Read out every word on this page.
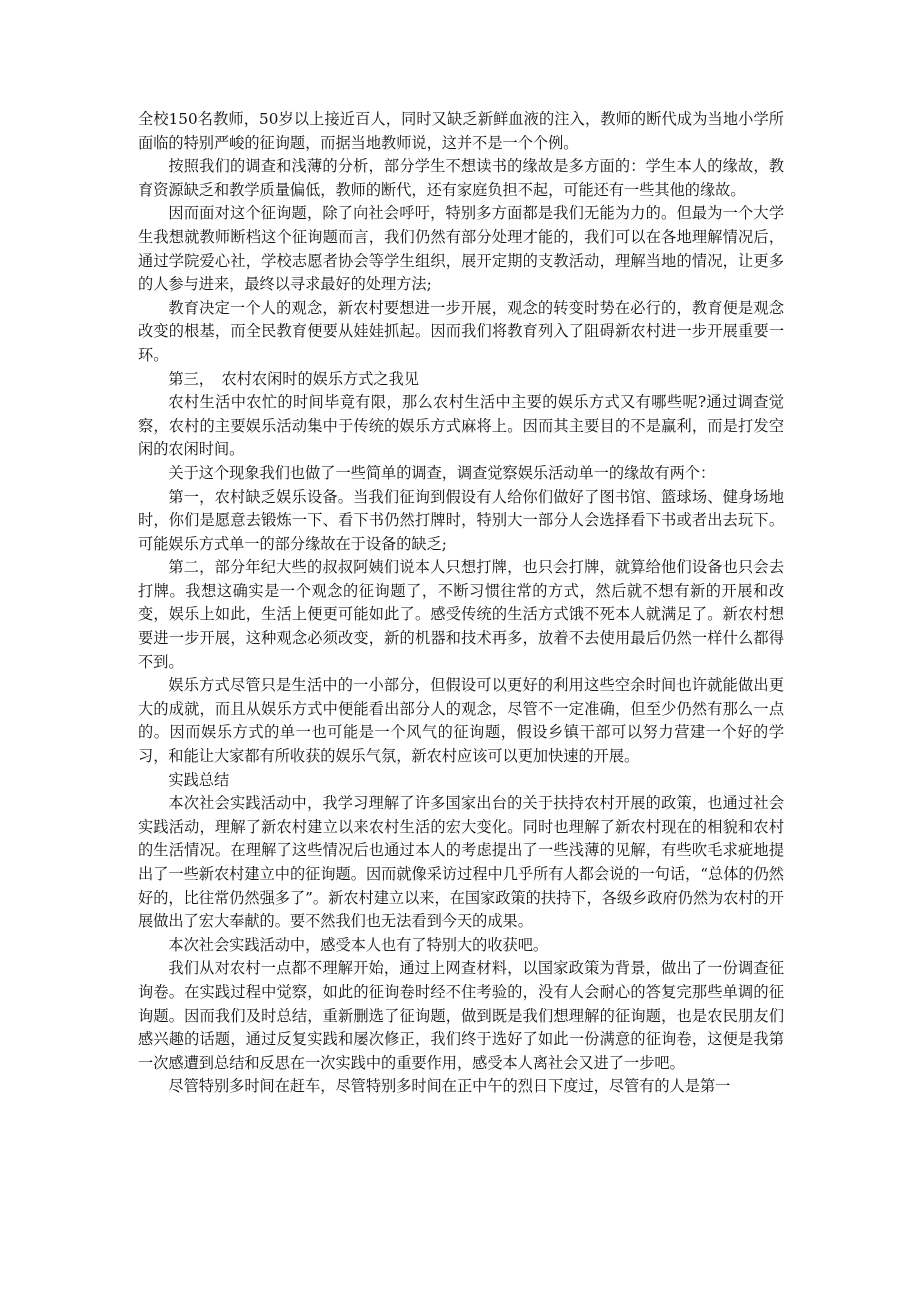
全校150名教师，50岁以上接近百人，同时又缺乏新鲜血液的注入，教师的断代成为当地小学所面临的特别严峻的征询题，而据当地教师说，这并不是一个个例。

按照我们的调查和浅薄的分析，部分学生不想读书的缘故是多方面的：学生本人的缘故，教育资源缺乏和教学质量偏低，教师的断代，还有家庭负担不起，可能还有一些其他的缘故。

因而面对这个征询题，除了向社会呼吁，特别多方面都是我们无能为力的。但最为一个大学生我想就教师断档这个征询题而言，我们仍然有部分处理才能的，我们可以在各地理解情况后，通过学院爱心社，学校志愿者协会等学生组织，展开定期的支教活动，理解当地的情况，让更多的人参与进来，最终以寻求最好的处理方法;

教育决定一个人的观念，新农村要想进一步开展，观念的转变时势在必行的，教育便是观念改变的根基，而全民教育便要从娃娃抓起。因而我们将教育列入了阻碍新农村进一步开展重要一环。

第三，　农村农闲时的娱乐方式之我见

农村生活中农忙的时间毕竟有限，那么农村生活中主要的娱乐方式又有哪些呢?通过调查觉察，农村的主要娱乐活动集中于传统的娱乐方式麻将上。因而其主要目的不是赢利，而是打发空闲的农闲时间。

关于这个现象我们也做了一些简单的调查，调查觉察娱乐活动单一的缘故有两个：

第一，农村缺乏娱乐设备。当我们征询到假设有人给你们做好了图书馆、篮球场、健身场地时，你们是愿意去锻炼一下、看下书仍然打牌时，特别大一部分人会选择看下书或者出去玩下。可能娱乐方式单一的部分缘故在于设备的缺乏;

第二，部分年纪大些的叔叔阿姨们说本人只想打牌，也只会打牌，就算给他们设备也只会去打牌。我想这确实是一个观念的征询题了，不断习惯往常的方式，然后就不想有新的开展和改变，娱乐上如此，生活上便更可能如此了。感受传统的生活方式饿不死本人就满足了。新农村想要进一步开展，这种观念必须改变，新的机器和技术再多，放着不去使用最后仍然一样什么都得不到。

娱乐方式尽管只是生活中的一小部分，但假设可以更好的利用这些空余时间也许就能做出更大的成就，而且从娱乐方式中便能看出部分人的观念，尽管不一定准确，但至少仍然有那么一点的。因而娱乐方式的单一也可能是一个风气的征询题，假设乡镇干部可以努力营建一个好的学习，和能让大家都有所收获的娱乐气氛，新农村应该可以更加快速的开展。

实践总结

本次社会实践活动中，我学习理解了许多国家出台的关于扶持农村开展的政策，也通过社会实践活动，理解了新农村建立以来农村生活的宏大变化。同时也理解了新农村现在的相貌和农村的生活情况。在理解了这些情况后也通过本人的考虑提出了一些浅薄的见解，有些吹毛求疵地提出了一些新农村建立中的征询题。因而就像采访过程中几乎所有人都会说的一句话，“总体的仍然好的，比往常仍然强多了”。新农村建立以来，在国家政策的扶持下，各级乡政府仍然为农村的开展做出了宏大奉献的。要不然我们也无法看到今天的成果。

本次社会实践活动中，感受本人也有了特别大的收获吧。

我们从对农村一点都不理解开始，通过上网查材料，以国家政策为背景，做出了一份调查征询卷。在实践过程中觉察，如此的征询卷时经不住考验的，没有人会耐心的答复完那些单调的征询题。因而我们及时总结，重新删选了征询题，做到既是我们想理解的征询题，也是农民朋友们感兴趣的话题，通过反复实践和屡次修正，我们终于选好了如此一份满意的征询卷，这便是我第一次感遭到总结和反思在一次实践中的重要作用，感受本人离社会又进了一步吧。

尽管特别多时间在赶车，尽管特别多时间在正中午的烈日下度过，尽管有的人是第一
